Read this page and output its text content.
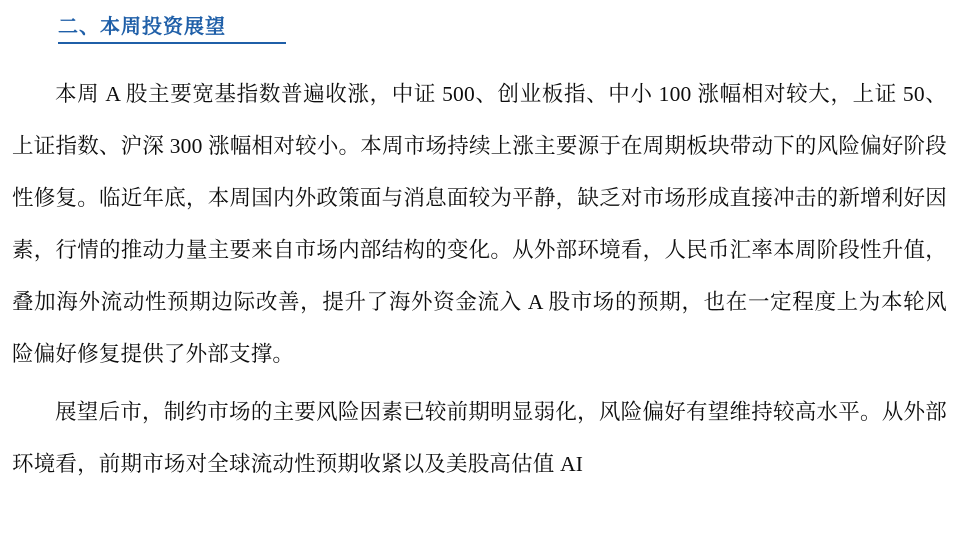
二、本周投资展望

本周 A 股主要宽基指数普遍收涨，中证 500、创业板指、中小 100 涨幅相对较大，上证 50、上证指数、沪深 300 涨幅相对较小。本周市场持续上涨主要源于在周期板块带动下的风险偏好阶段性修复。临近年底，本周国内外政策面与消息面较为平静，缺乏对市场形成直接冲击的新增利好因素，行情的推动力量主要来自市场内部结构的变化。从外部环境看，人民币汇率本周阶段性升值，叠加海外流动性预期边际改善，提升了海外资金流入 A 股市场的预期，也在一定程度上为本轮风险偏好修复提供了外部支撑。

展望后市，制约市场的主要风险因素已较前期明显弱化，风险偏好有望维持较高水平。从外部环境看，前期市场对全球流动性预期收紧以及美股高估值 AI
